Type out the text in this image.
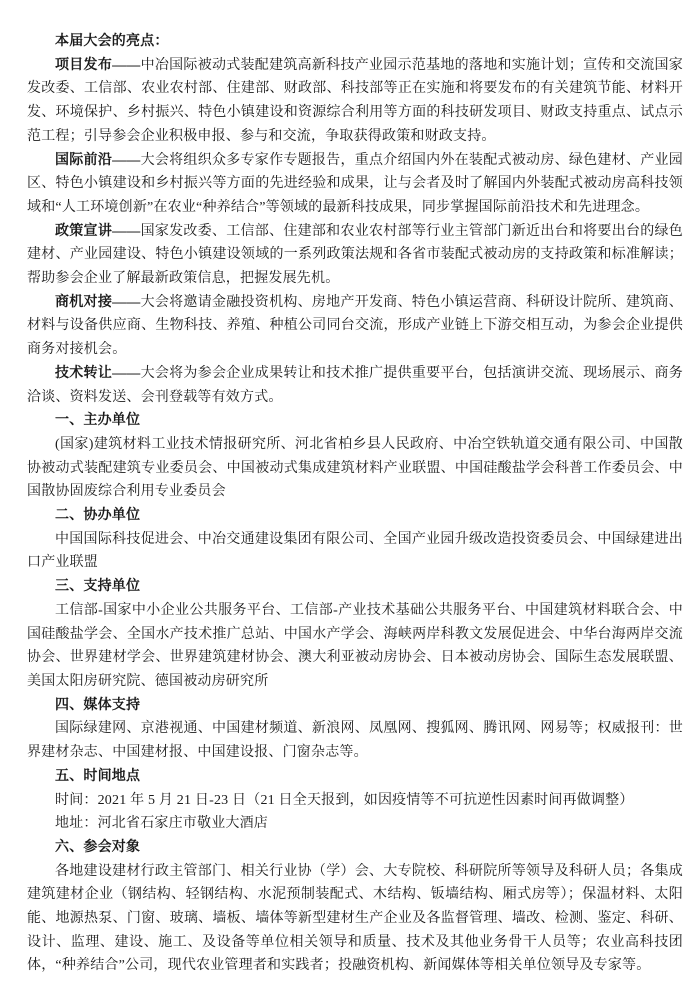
本届大会的亮点：

项目发布——中冶国际被动式装配建筑高新科技产业园示范基地的落地和实施计划；宣传和交流国家发改委、工信部、农业农村部、住建部、财政部、科技部等正在实施和将要发布的有关建筑节能、材料开发、环境保护、乡村振兴、特色小镇建设和资源综合利用等方面的科技研发项目、财政支持重点、试点示范工程；引导参会企业积极申报、参与和交流，争取获得政策和财政支持。

国际前沿——大会将组织众多专家作专题报告，重点介绍国内外在装配式被动房、绿色建材、产业园区、特色小镇建设和乡村振兴等方面的先进经验和成果，让与会者及时了解国内外装配式被动房高科技领域和“人工环境创新”在农业“种养结合”等领域的最新科技成果，同步掌握国际前沿技术和先进理念。

政策宣讲——国家发改委、工信部、住建部和农业农村部等行业主管部门新近出台和将要出台的绿色建材、产业园建设、特色小镇建设领域的一系列政策法规和各省市装配式被动房的支持政策和标准解读；帮助参会企业了解最新政策信息，把握发展先机。

商机对接——大会将邀请金融投资机构、房地产开发商、特色小镇运营商、科研设计院所、建筑商、材料与设备供应商、生物科技、养殖、种植公司同台交流，形成产业链上下游交相互动，为参会企业提供商务对接机会。

技术转让——大会将为参会企业成果转让和技术推广提供重要平台，包括演讲交流、现场展示、商务洽谈、资料发送、会刊登载等有效方式。

一、主办单位

(国家)建筑材料工业技术情报研究所、河北省柏乡县人民政府、中冶空铁轨道交通有限公司、中国散协被动式装配建筑专业委员会、中国被动式集成建筑材料产业联盟、中国硅酸盐学会科普工作委员会、中国散协固废综合利用专业委员会

二、协办单位

中国国际科技促进会、中冶交通建设集团有限公司、全国产业园升级改造投资委员会、中国绿建进出口产业联盟

三、支持单位

工信部-国家中小企业公共服务平台、工信部-产业技术基础公共服务平台、中国建筑材料联合会、中国硅酸盐学会、全国水产技术推广总站、中国水产学会、海峡两岸科教文发展促进会、中华台海两岸交流协会、世界建材学会、世界建筑建材协会、澳大利亚被动房协会、日本被动房协会、国际生态发展联盟、美国太阳房研究院、德国被动房研究所

四、媒体支持

国际绿建网、京港视通、中国建材频道、新浪网、凤凰网、搜狐网、腾讯网、网易等；权威报刊：世界建材杂志、中国建材报、中国建设报、门窗杂志等。

五、时间地点

时间：2021 年 5 月 21 日-23 日（21 日全天报到，如因疫情等不可抗逆性因素时间再做调整）

地址：河北省石家庄市敬业大酒店

六、参会对象

各地建设建材行政主管部门、相关行业协（学）会、大专院校、科研院所等领导及科研人员；各集成建筑建材企业（钢结构、轻钢结构、水泥预制装配式、木结构、钣墙结构、厢式房等）；保温材料、太阳能、地源热泵、门窗、玻璃、墙板、墙体等新型建材生产企业及各监督管理、墙改、检测、鉴定、科研、设计、监理、建设、施工、及设备等单位相关领导和质量、技术及其他业务骨干人员等；农业高科技团体，“种养结合”公司，现代农业管理者和实践者；投融资机构、新闻媒体等相关单位领导及专家等。
